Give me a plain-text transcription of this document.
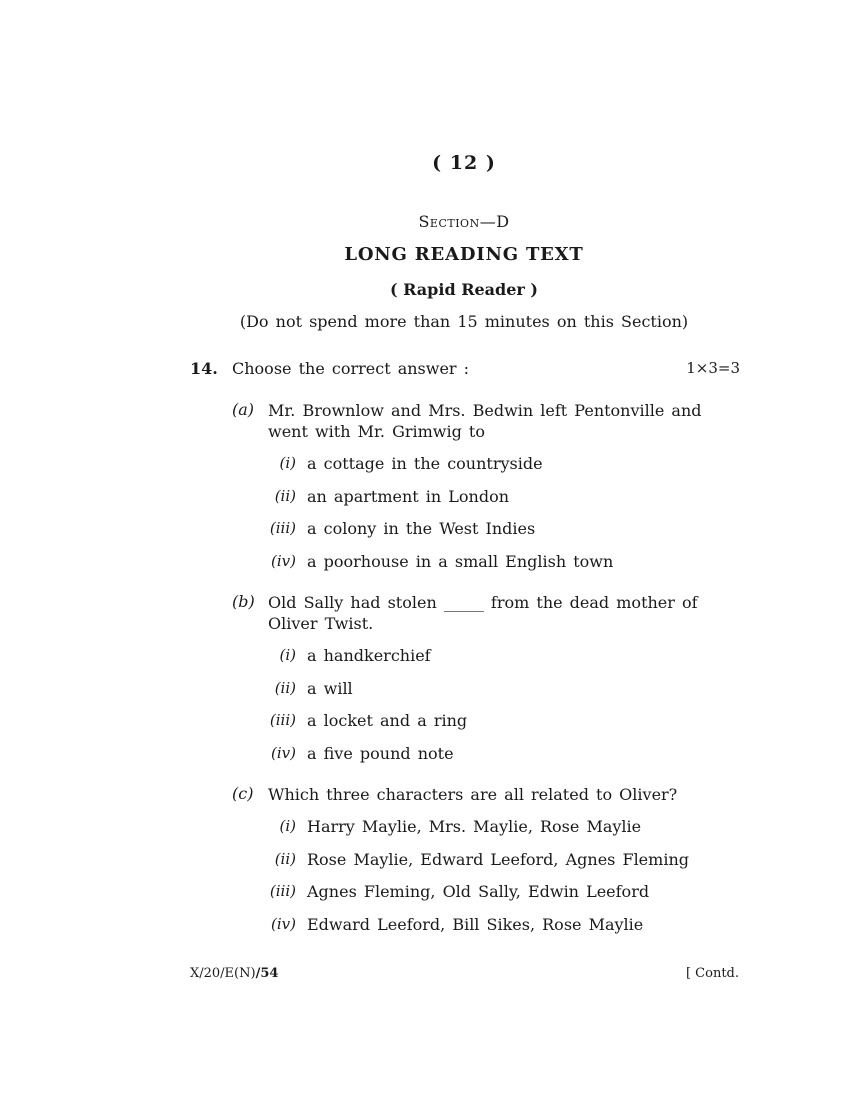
( 12 )
Section—D
LONG READING TEXT
( Rapid Reader )
(Do not spend more than 15 minutes on this Section)
14. Choose the correct answer :	1×3=3
(a) Mr. Brownlow and Mrs. Bedwin left Pentonville and
went with Mr. Grimwig to
(i) a cottage in the countryside
(ii) an apartment in London
(iii) a colony in the West Indies
(iv) a poorhouse in a small English town
(b) Old Sally had stolen _____ from the dead mother of
Oliver Twist.
(i) a handkerchief
(ii) a will
(iii) a locket and a ring
(iv) a five pound note
(c) Which three characters are all related to Oliver?
(i) Harry Maylie, Mrs. Maylie, Rose Maylie
(ii) Rose Maylie, Edward Leeford, Agnes Fleming
(iii) Agnes Fleming, Old Sally, Edwin Leeford
(iv) Edward Leeford, Bill Sikes, Rose Maylie
X/20/E(N)/54	[ Contd.
